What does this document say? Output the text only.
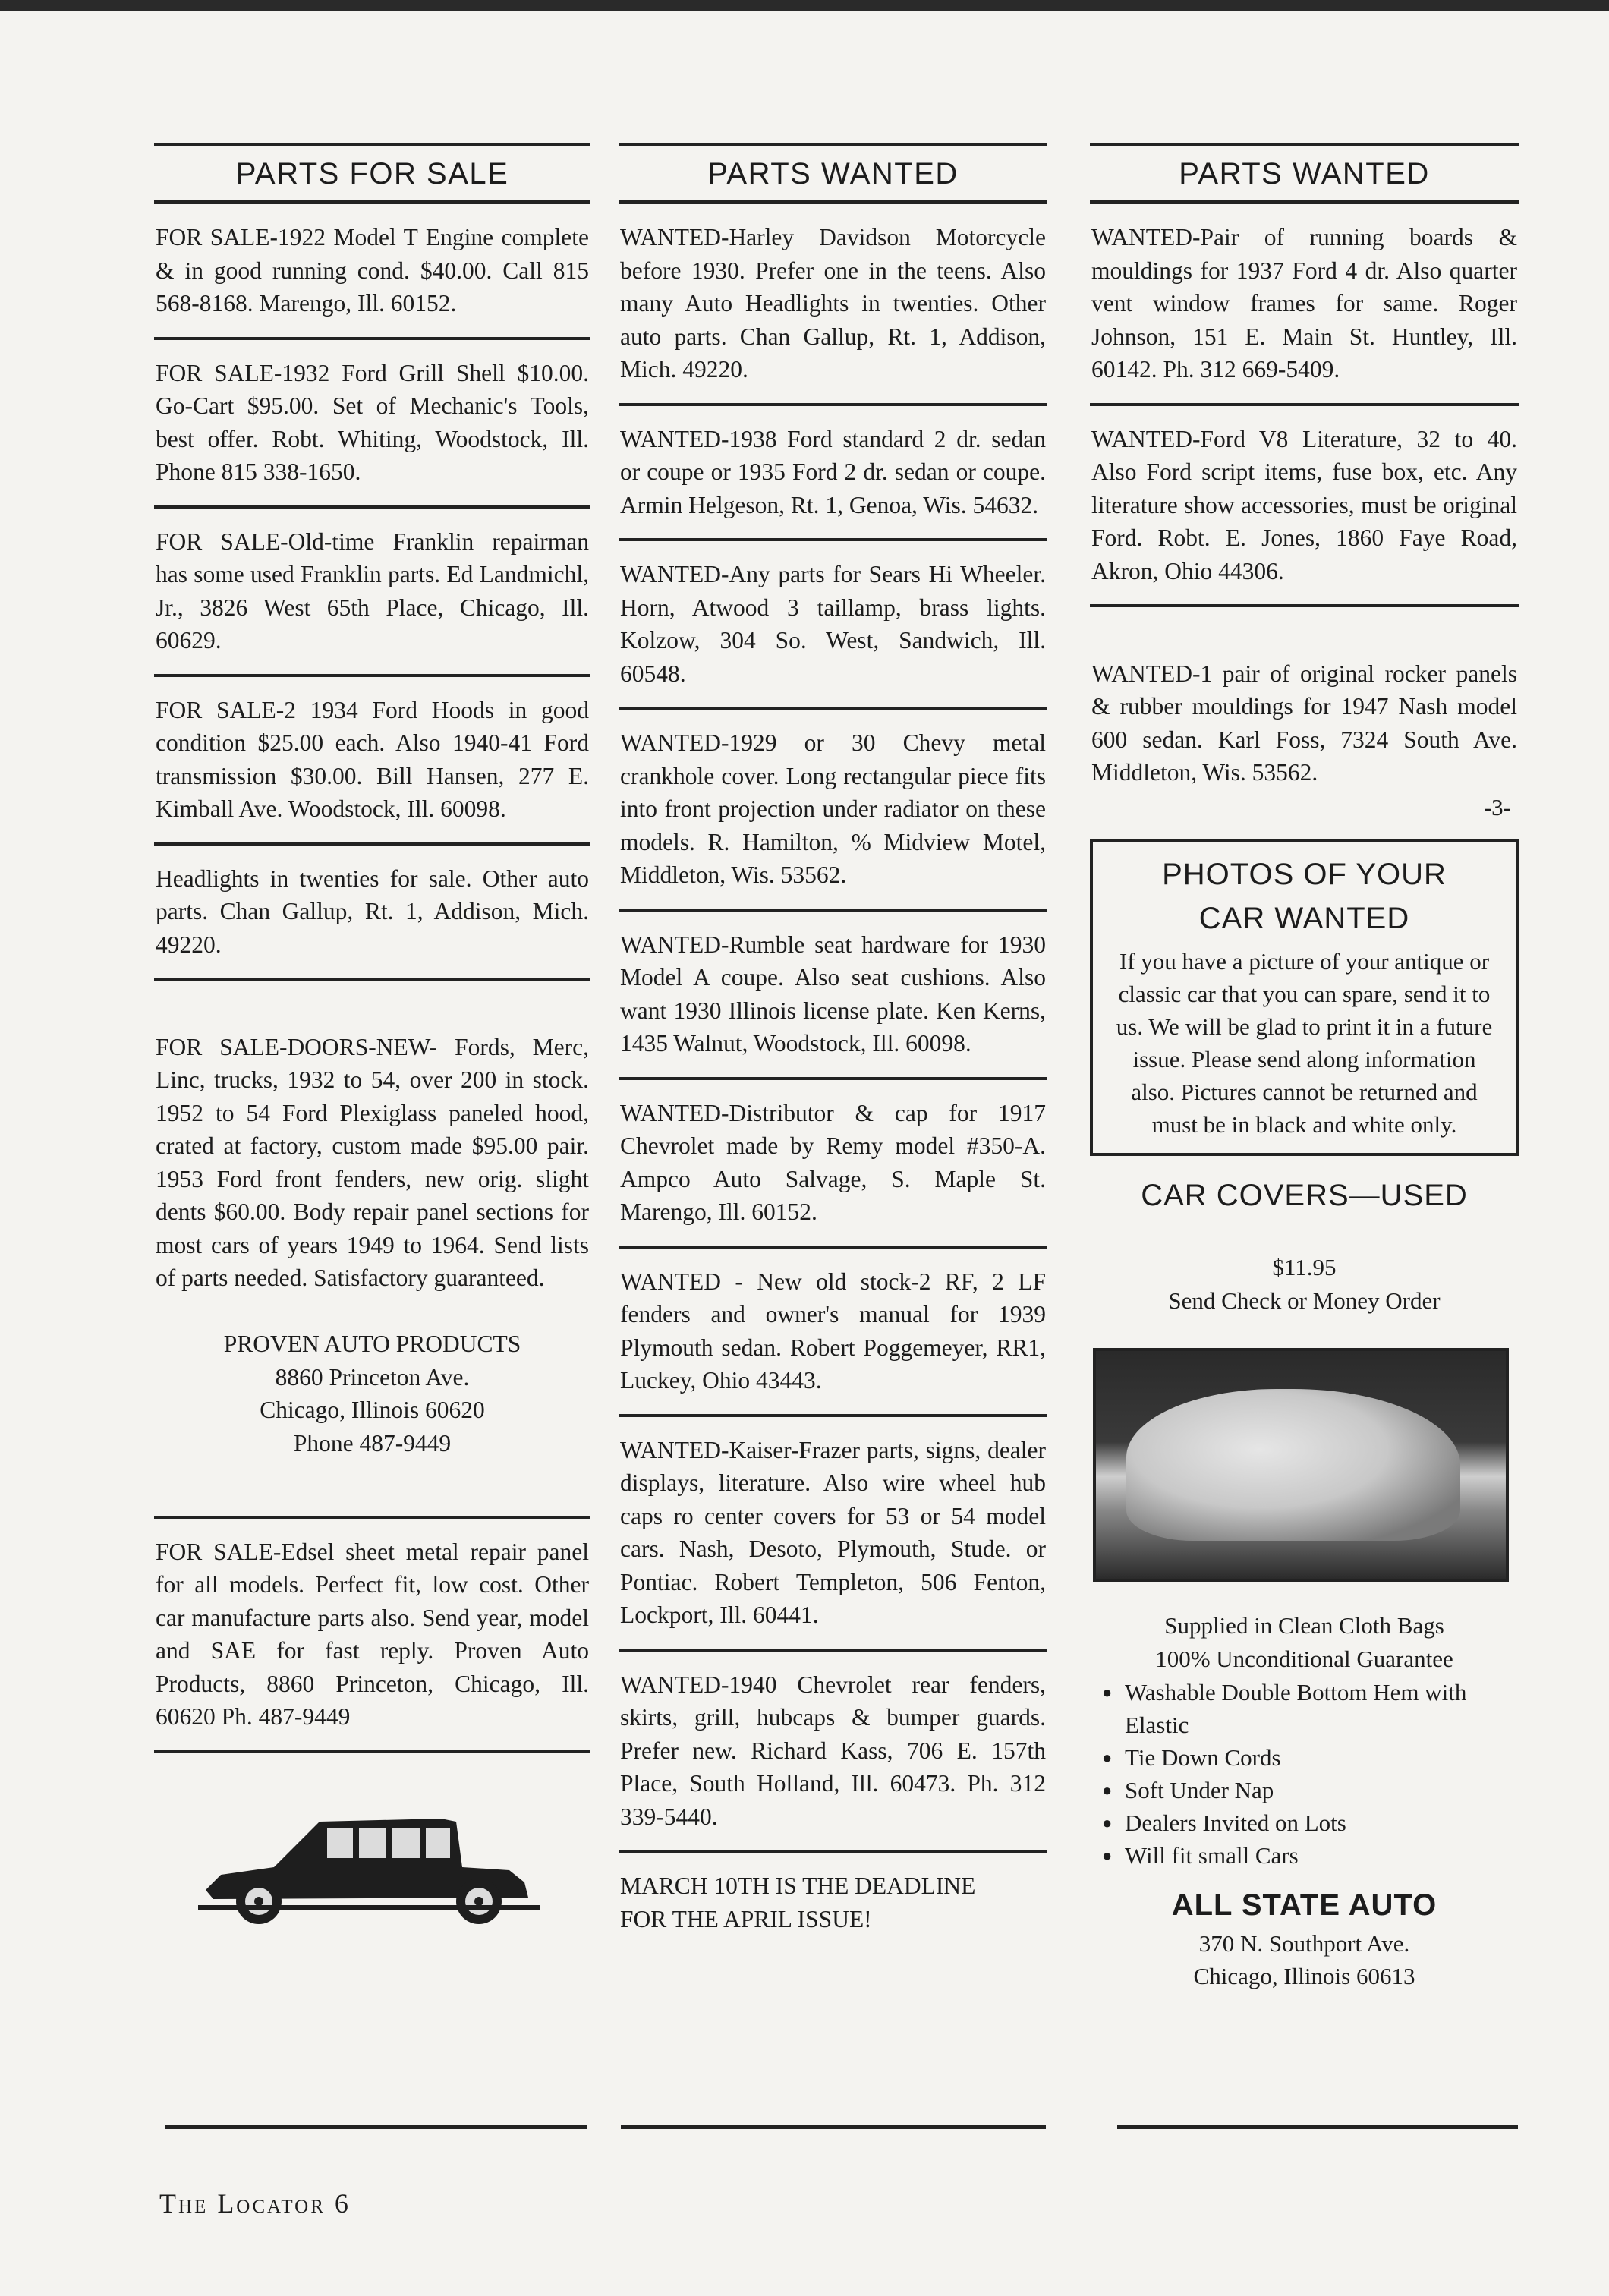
PARTS FOR SALE
FOR SALE-1922 Model T Engine complete & in good running cond. $40.00. Call 815 568-8168. Marengo, Ill. 60152.
FOR SALE-1932 Ford Grill Shell $10.00. Go-Cart $95.00. Set of Mechanic's Tools, best offer. Robt. Whiting, Woodstock, Ill. Phone 815 338-1650.
FOR SALE-Old-time Franklin repairman has some used Franklin parts. Ed Landmichl, Jr., 3826 West 65th Place, Chicago, Ill. 60629.
FOR SALE-2 1934 Ford Hoods in good condition $25.00 each. Also 1940-41 Ford transmission $30.00. Bill Hansen, 277 E. Kimball Ave. Woodstock, Ill. 60098.
Headlights in twenties for sale. Other auto parts. Chan Gallup, Rt. 1, Addison, Mich. 49220.

FOR SALE-DOORS-NEW- Fords, Merc, Linc, trucks, 1932 to 54, over 200 in stock. 1952 to 54 Ford Plexiglass paneled hood, crated at factory, custom made $95.00 pair. 1953 Ford front fenders, new orig. slight dents $60.00. Body repair panel sections for most cars of years 1949 to 1964. Send lists of parts needed. Satisfactory guaranteed.

PROVEN AUTO PRODUCTS
8860 Princeton Ave.
Chicago, Illinois 60620
Phone 487-9449

FOR SALE-Edsel sheet metal repair panel for all models. Perfect fit, low cost. Other car manufacture parts also. Send year, model and SAE for fast reply. Proven Auto Products, 8860 Princeton, Chicago, Ill. 60620 Ph. 487-9449
PARTS WANTED
WANTED-Harley Davidson Motorcycle before 1930. Prefer one in the teens. Also many Auto Headlights in twenties. Other auto parts. Chan Gallup, Rt. 1, Addison, Mich. 49220.
WANTED-1938 Ford standard 2 dr. sedan or coupe or 1935 Ford 2 dr. sedan or coupe. Armin Helgeson, Rt. 1, Genoa, Wis. 54632.
WANTED-Any parts for Sears Hi Wheeler. Horn, Atwood 3 taillamp, brass lights. Kolzow, 304 So. West, Sandwich, Ill. 60548.
WANTED-1929 or 30 Chevy metal crankhole cover. Long rectangular piece fits into front projection under radiator on these models. R. Hamilton, % Midview Motel, Middleton, Wis. 53562.
WANTED-Rumble seat hardware for 1930 Model A coupe. Also seat cushions. Also want 1930 Illinois license plate. Ken Kerns, 1435 Walnut, Woodstock, Ill. 60098.
WANTED-Distributor & cap for 1917 Chevrolet made by Remy model #350-A. Ampco Auto Salvage, S. Maple St. Marengo, Ill. 60152.
WANTED - New old stock-2 RF, 2 LF fenders and owner's manual for 1939 Plymouth sedan. Robert Poggemeyer, RR1, Luckey, Ohio 43443.
WANTED-Kaiser-Frazer parts, signs, dealer displays, literature. Also wire wheel hub caps ro center covers for 53 or 54 model cars. Nash, Desoto, Plymouth, Stude. or Pontiac. Robert Templeton, 506 Fenton, Lockport, Ill. 60441.
WANTED-1940 Chevrolet rear fenders, skirts, grill, hubcaps & bumper guards. Prefer new. Richard Kass, 706 E. 157th Place, South Holland, Ill. 60473. Ph. 312 339-5440.
MARCH 10TH IS THE DEADLINE
FOR THE APRIL ISSUE!
PARTS WANTED
WANTED-Pair of running boards & mouldings for 1937 Ford 4 dr. Also quarter vent window frames for same. Roger Johnson, 151 E. Main St. Huntley, Ill. 60142. Ph. 312 669-5409.
WANTED-Ford V8 Literature, 32 to 40. Also Ford script items, fuse box, etc. Any literature show accessories, must be original Ford. Robt. E. Jones, 1860 Faye Road, Akron, Ohio 44306.

WANTED-1 pair of original rocker panels & rubber mouldings for 1947 Nash model 600 sedan. Karl Foss, 7324 South Ave. Middleton, Wis. 53562.

-3-

PHOTOS OF YOUR
CAR WANTED
If you have a picture of your antique or classic car that you can spare, send it to us. We will be glad to print it in a future issue. Please send along information also. Pictures cannot be returned and must be in black and white only.
CAR COVERS—USED
$11.95
Send Check or Money Order
Supplied in Clean Cloth Bags
100% Unconditional Guarantee
● Washable Double Bottom Hem with Elastic
● Tie Down Cords
● Soft Under Nap
● Dealers Invited on Lots
● Will fit small Cars
ALL STATE AUTO
370 N. Southport Ave.
Chicago, Illinois 60613
The Locator 6
